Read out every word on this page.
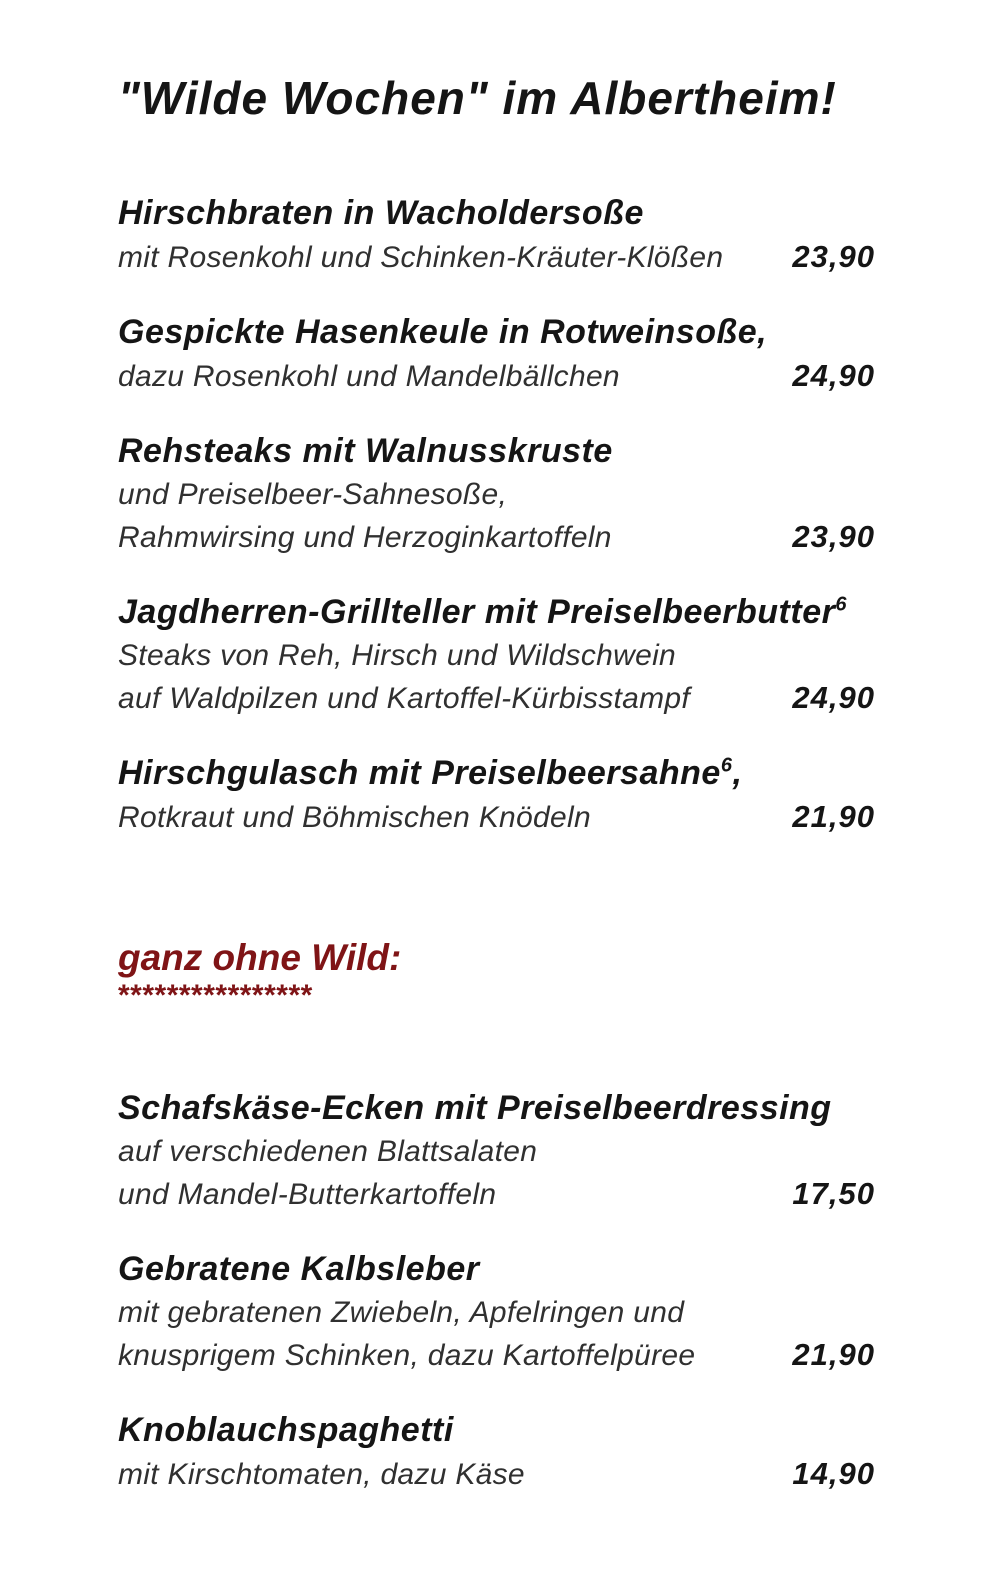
"Wilde Wochen" im Albertheim!
Hirschbraten in Wacholdersoße
mit Rosenkohl und Schinken-Kräuter-Klößen	23,90
Gespickte Hasenkeule in Rotweinsoße,
dazu Rosenkohl und Mandelbällchen	24,90
Rehsteaks mit Walnusskruste
und Preiselbeer-Sahnesoße,
Rahmwirsing und Herzoginkartoffeln	23,90
Jagdherren-Grillteller mit Preiselbeerbutter$^6$
Steaks von Reh, Hirsch und Wildschwein
auf Waldpilzen und Kartoffel-Kürbisstampf	24,90
Hirschgulasch mit Preiselbeersahne$^6$,
Rotkraut und Böhmischen Knödeln	21,90
ganz ohne Wild:
****************
Schafskäse-Ecken mit Preiselbeerdressing
auf verschiedenen Blattsalaten
und Mandel-Butterkartoffeln	17,50
Gebratene Kalbsleber
mit gebratenen Zwiebeln, Apfelringen und
knusprigem Schinken, dazu Kartoffelpüree	21,90
Knoblauchspaghetti
mit Kirschtomaten, dazu Käse	14,90
